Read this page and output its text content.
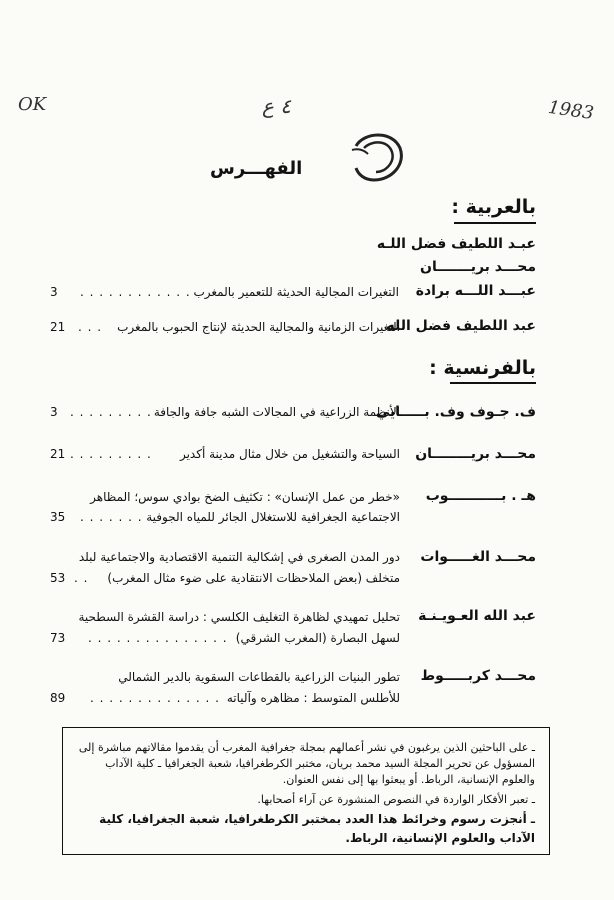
OK	٤ ع	1983
الفهـــرس
بالعربية :
عبـد اللطيف فضل اللـه
محـــد بريـــــــان
عبـــد اللـــه برادة
التغيرات المجالية الحديثة للتعمير بالمغرب
. . . . . . . . . . . .
3
عبد اللطيف فضل الله
التغيرات الزمانية والمجالية الحديثة لإنتاج الحبوب بالمغرب
. . .
21
بالفرنسية :
ف. جـوف وف. بـــــايي
الأنظمة الزراعية في المجالات الشبه جافة والجافة
. . . . . . . . .
3
محـــد بريــــــــان
السياحة والتشغيل من خلال مثال مدينة أكدير
. . . . . . . . .
21
هـ . بـــــــــــوب
«خطر من عمل الإنسان» : تكثيف الضخ بوادي سوس؛ المظاهر
الاجتماعية الجغرافية للاستغلال الجائر للمياه الجوفية
. . . . . . .
35
محـــد الغـــــوات
دور المدن الصغرى في إشكالية التنمية الاقتصادية والاجتماعية لبلد
متخلف (بعض الملاحظات الانتقادية على ضوء مثال المغرب)
. .
53
عبد الله العـويـنـة
تحليل تمهيدي لظاهرة التغليف الكلسي : دراسة القشرة السطحية
لسهل البصارة (المغرب الشرقي)
. . . . . . . . . . . . . . .
73
محـــد كربـــــوط
تطور البنيات الزراعية بالقطاعات السقوية بالدير الشمالي
للأطلس المتوسط : مظاهره وآلياته
. . . . . . . . . . . . . .
89
ـ على الباحثين الذين يرغبون في نشر أعمالهم بمجلة جغرافية المغرب أن يقدموا مقالاتهم مباشرة إلى المسؤول عن تحرير المجلة السيد محمد بريان، مختبر الكرطغرافيا، شعبة الجغرافيا ـ كلية الآداب والعلوم الإنسانية، الرباط. أو يبعثوا بها إلى نفس العنوان.
ـ تعبر الأفكار الواردة في النصوص المنشورة عن آراء أصحابها.
ـ أنجزت رسوم وخرائط هذا العدد بمختبر الكرطغرافيا، شعبة الجغرافيا، كلية الآداب والعلوم الإنسانية، الرباط.
